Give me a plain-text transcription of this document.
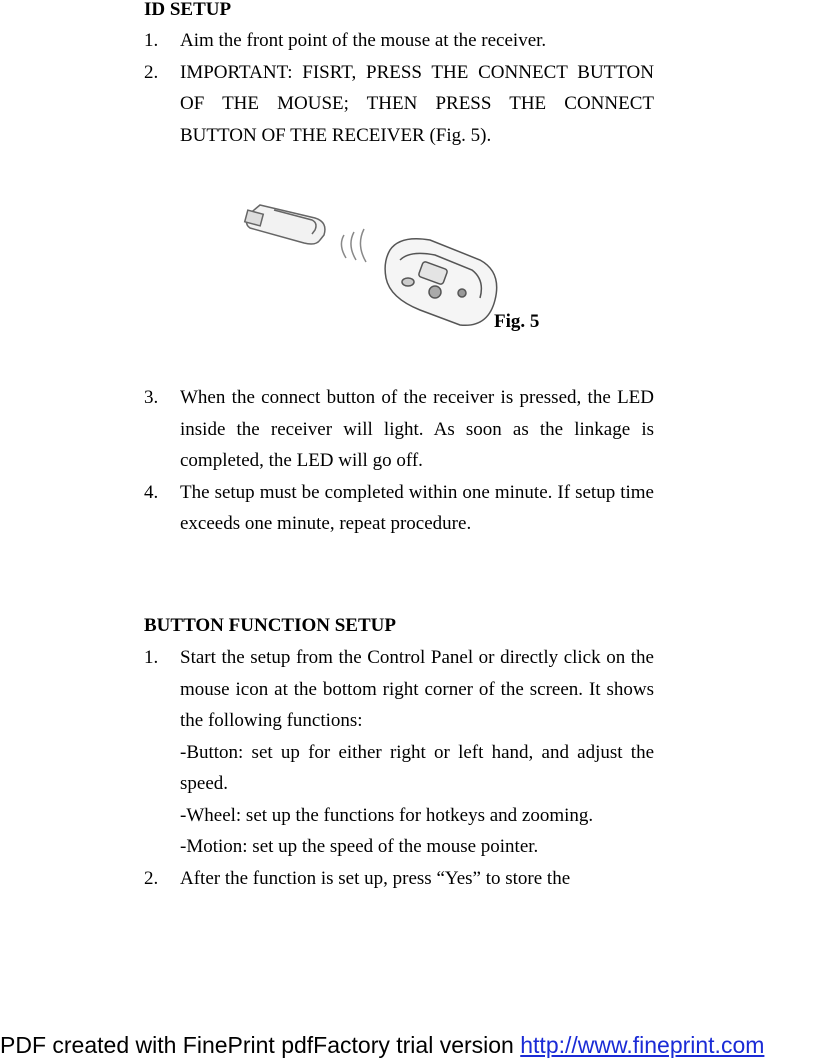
ID SETUP
1. Aim the front point of the mouse at the receiver.
2. IMPORTANT: FISRT, PRESS THE CONNECT BUTTON OF THE MOUSE; THEN PRESS THE CONNECT BUTTON OF THE RECEIVER (Fig. 5).
Fig. 5
3. When the connect button of the receiver is pressed, the LED inside the receiver will light. As soon as the linkage is completed, the LED will go off.
4. The setup must be completed within one minute. If setup time exceeds one minute, repeat procedure.
BUTTON FUNCTION SETUP
1. Start the setup from the Control Panel or directly click on the mouse icon at the bottom right corner of the screen. It shows the following functions:
-Button: set up for either right or left hand, and adjust the speed.
-Wheel: set up the functions for hotkeys and zooming.
-Motion: set up the speed of the mouse pointer.
2. After the function is set up, press “Yes” to store the
PDF created with FinePrint pdfFactory trial version http://www.fineprint.com
